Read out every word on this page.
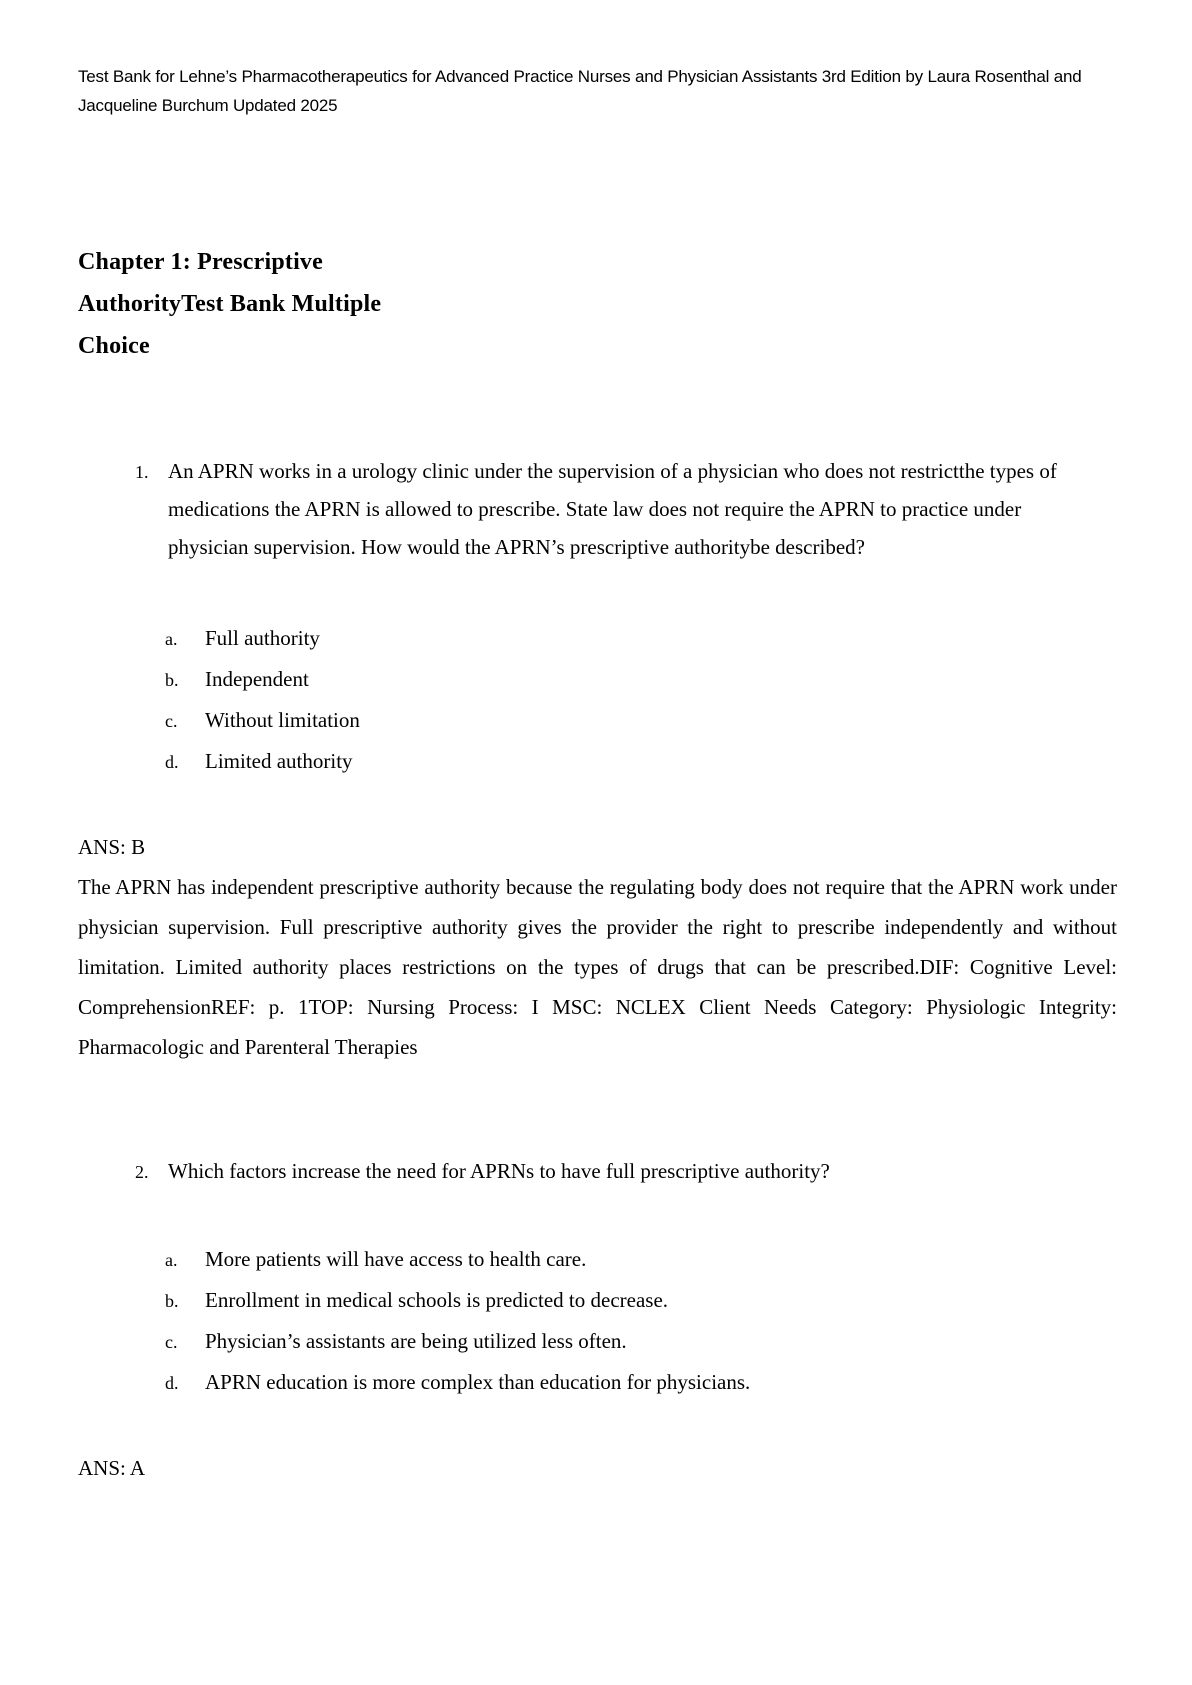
Test Bank for Lehne’s Pharmacotherapeutics for Advanced Practice Nurses and Physician Assistants 3rd Edition by Laura Rosenthal and Jacqueline Burchum Updated 2025

Chapter 1: Prescriptive
AuthorityTest Bank Multiple
Choice
1. An APRN works in a urology clinic under the supervision of a physician who does not restrictthe types of medications the APRN is allowed to prescribe. State law does not require the APRN to practice under physician supervision. How would the APRN’s prescriptive authoritybe described?

a.	Full authority
b.	Independent
c.	Without limitation
d.	Limited authority

ANS: B

The APRN has independent prescriptive authority because the regulating body does not require that the APRN work under physician supervision. Full prescriptive authority gives the provider the right to prescribe independently and without limitation. Limited authority places restrictions on the types of drugs that can be prescribed.DIF: Cognitive Level: ComprehensionREF: p. 1TOP: Nursing Process: I MSC: NCLEX Client Needs Category: Physiologic Integrity: Pharmacologic and Parenteral Therapies

2. Which factors increase the need for APRNs to have full prescriptive authority?

a.	More patients will have access to health care.
b.	Enrollment in medical schools is predicted to decrease.
c.	Physician’s assistants are being utilized less often.
d.	APRN education is more complex than education for physicians.

ANS: A
